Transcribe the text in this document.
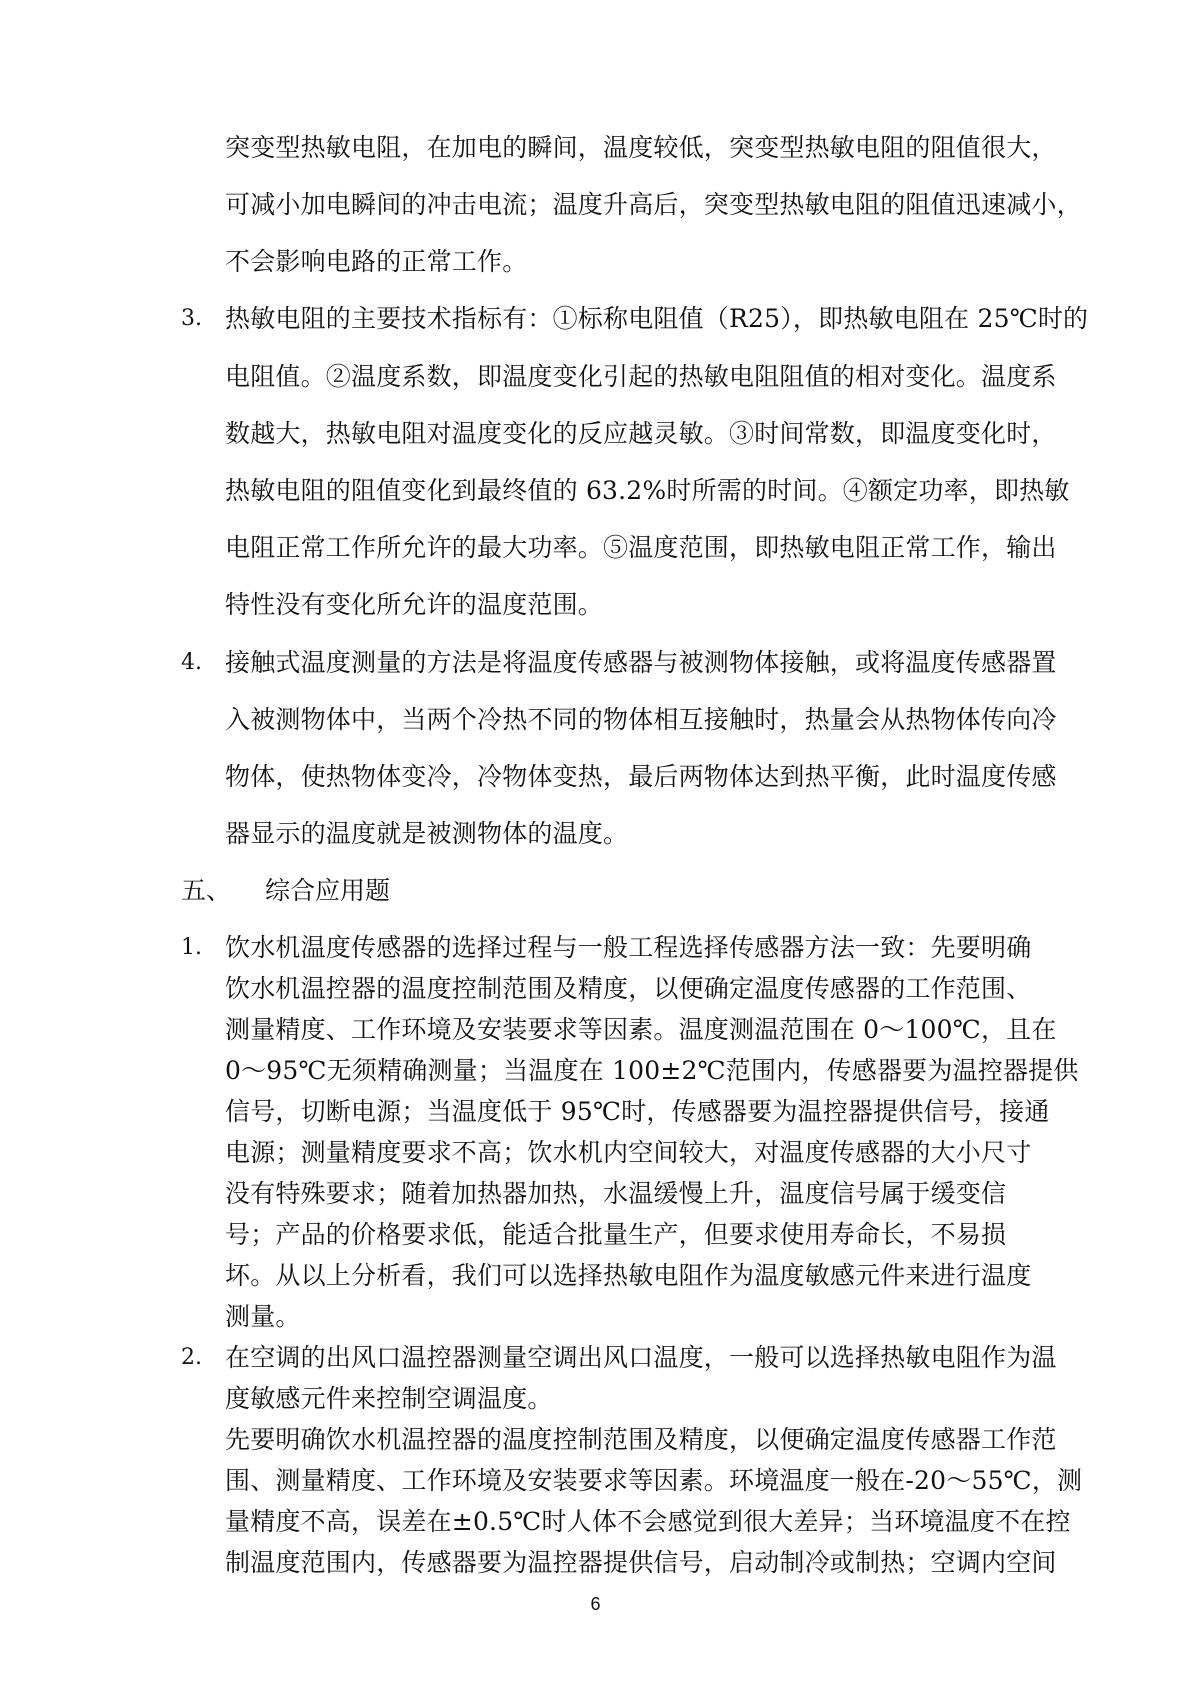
突变型热敏电阻，在加电的瞬间，温度较低，突变型热敏电阻的阻值很大，
可减小加电瞬间的冲击电流；温度升高后，突变型热敏电阻的阻值迅速减小，
不会影响电路的正常工作。
3. 热敏电阻的主要技术指标有：①标称电阻值（R25），即热敏电阻在 25℃时的
电阻值。②温度系数，即温度变化引起的热敏电阻阻值的相对变化。温度系
数越大，热敏电阻对温度变化的反应越灵敏。③时间常数，即温度变化时，
热敏电阻的阻值变化到最终值的 63.2%时所需的时间。④额定功率，即热敏
电阻正常工作所允许的最大功率。⑤温度范围，即热敏电阻正常工作，输出
特性没有变化所允许的温度范围。
4. 接触式温度测量的方法是将温度传感器与被测物体接触，或将温度传感器置
入被测物体中，当两个冷热不同的物体相互接触时，热量会从热物体传向冷
物体，使热物体变冷，冷物体变热，最后两物体达到热平衡，此时温度传感
器显示的温度就是被测物体的温度。
五、 综合应用题
1. 饮水机温度传感器的选择过程与一般工程选择传感器方法一致：先要明确
饮水机温控器的温度控制范围及精度，以便确定温度传感器的工作范围、
测量精度、工作环境及安装要求等因素。温度测温范围在 0～100℃，且在
0～95℃无须精确测量；当温度在 100±2℃范围内，传感器要为温控器提供
信号，切断电源；当温度低于 95℃时，传感器要为温控器提供信号，接通
电源；测量精度要求不高；饮水机内空间较大，对温度传感器的大小尺寸
没有特殊要求；随着加热器加热，水温缓慢上升，温度信号属于缓变信
号；产品的价格要求低，能适合批量生产，但要求使用寿命长，不易损
坏。从以上分析看，我们可以选择热敏电阻作为温度敏感元件来进行温度
测量。
6
2. 在空调的出风口温控器测量空调出风口温度，一般可以选择热敏电阻作为温
度敏感元件来控制空调温度。
先要明确饮水机温控器的温度控制范围及精度，以便确定温度传感器工作范
围、测量精度、工作环境及安装要求等因素。环境温度一般在-20～55℃，测
量精度不高，误差在±0.5℃时人体不会感觉到很大差异；当环境温度不在控
制温度范围内，传感器要为温控器提供信号，启动制冷或制热；空调内空间
